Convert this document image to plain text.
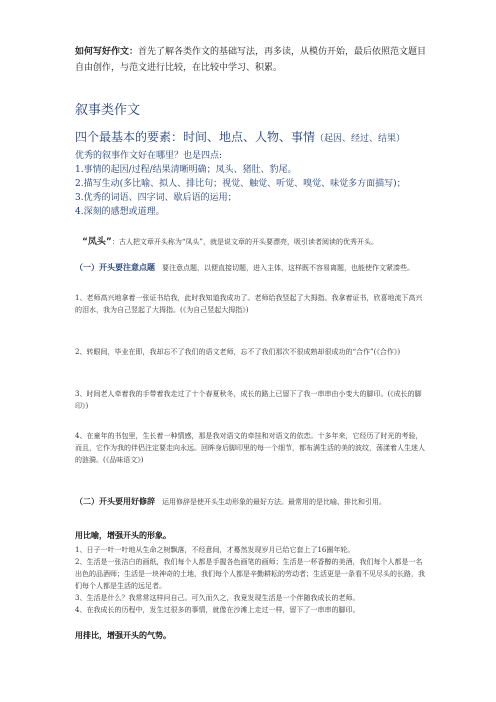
如何写好作文：首先了解各类作文的基础写法，再多读，从模仿开始，最后依照范文题目自由创作，与范文进行比较，在比较中学习、积累。

叙事类作文
四个最基本的要素：时间、地点、人物、事情（起因、经过、结果）
优秀的叙事作文好在哪里？也是四点:
1.事情的起因/过程/结果清晰明确；凤头、猪肚、豹尾。
2.描写生动(多比喻、拟人、排比句；视觉、触觉、听觉、嗅觉、味觉多方面描写)；
3.优秀的词语、四字词、歇后语的运用；
4.深刻的感想或道理。

　“凤头”：古人把文章开头称为“凤头”，就是说文章的开头要漂亮，吸引读者阅读的优秀开头。

（一）开头要注意点题　要注意点题，以便直接切题，进入主体，这样既不容易离题，也能使作文紧凑些。

1、老师高兴地拿着一张证书给我，此时我知道我成功了。老师给我竖起了大拇指。我拿着证书，欣喜地流下高兴的泪水，我为自己竖起了大拇指。(《为自己竖起大拇指》)

2、转眼间，毕业在即，我却忘不了我们的语文老师，忘不了我们那次不很成熟却很成功的“合作”(《合作》)

3、时间老人牵着我的手带着我走过了十个春夏秋冬，成长的路上已留下了我一串串由小变大的脚印。(《成长的脚印》)

4、在童年的书包里，生长着一种情感，那是我对语文的牵挂和对语文的依恋。十多年来，它经历了时光的考验，而且，它作为我的伴侣注定要走向永远。回眸身后脚印里的每一个细节，都布满生活的美的波纹，荡漾着人生迷人的涟漪。(《品味语文》)

（二）开头要用好修辞　运用修辞是使开头生动形象的最好方法。最常用的是比喻、排比和引用。

用比喻，增强开头的形象。
1、日子一叶一叶地从生命之树飘落，不经意间，才蓦然发现岁月已给它套上了16圈年轮。
2、生活是一张洁白的画纸，我们每个人都是手握各色画笔的画师；生活是一杯香醇的美酒，我们每个人都是一名出色的品酒师；生活是一块神奇的土地，我们每个人都是辛勤耕耘的劳动者；生活更是一条看不见尽头的长路，我们每个人都是生活的远足者。
3、生活是什么？我常常这样问自己。可久而久之，我竟发现生活是一个伴随我成长的老师。
4、在我成长的历程中，发生过很多的事情，就像在沙滩上走过一样，留下了一串串的脚印。
用排比，增强开头的气势。
